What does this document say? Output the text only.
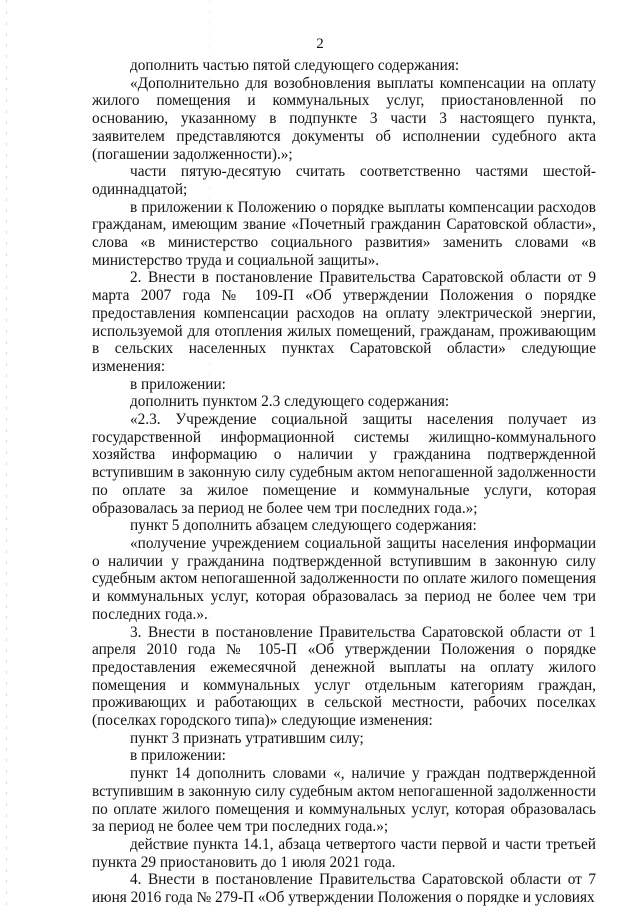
2

дополнить частью пятой следующего содержания:

«Дополнительно для возобновления выплаты компенсации на оплату жилого помещения и коммунальных услуг, приостановленной по основанию, указанному в подпункте 3 части 3 настоящего пункта, заявителем представляются документы об исполнении судебного акта (погашении задолженности).»;

части пятую-десятую считать соответственно частями шестой-одиннадцатой;

в приложении к Положению о порядке выплаты компенсации расходов гражданам, имеющим звание «Почетный гражданин Саратовской области», слова «в министерство социального развития» заменить словами «в министерство труда и социальной защиты».

2. Внести в постановление Правительства Саратовской области от 9 марта 2007 года № 109-П «Об утверждении Положения о порядке предоставления компенсации расходов на оплату электрической энергии, используемой для отопления жилых помещений, гражданам, проживающим в сельских населенных пунктах Саратовской области» следующие изменения:

в приложении:

дополнить пунктом 2.3 следующего содержания:

«2.3. Учреждение социальной защиты населения получает из государственной информационной системы жилищно-коммунального хозяйства информацию о наличии у гражданина подтвержденной вступившим в законную силу судебным актом непогашенной задолженности по оплате за жилое помещение и коммунальные услуги, которая образовалась за период не более чем три последних года.»;

пункт 5 дополнить абзацем следующего содержания:

«получение учреждением социальной защиты населения информации о наличии у гражданина подтвержденной вступившим в законную силу судебным актом непогашенной задолженности по оплате жилого помещения и коммунальных услуг, которая образовалась за период не более чем три последних года.».

3. Внести в постановление Правительства Саратовской области от 1 апреля 2010 года № 105-П «Об утверждении Положения о порядке предоставления ежемесячной денежной выплаты на оплату жилого помещения и коммунальных услуг отдельным категориям граждан, проживающих и работающих в сельской местности, рабочих поселках (поселках городского типа)» следующие изменения:

пункт 3 признать утратившим силу;

в приложении:

пункт 14 дополнить словами «, наличие у граждан подтвержденной вступившим в законную силу судебным актом непогашенной задолженности по оплате жилого помещения и коммунальных услуг, которая образовалась за период не более чем три последних года.»;

действие пункта 14.1, абзаца четвертого части первой и части третьей пункта 29 приостановить до 1 июля 2021 года.

4. Внести в постановление Правительства Саратовской области от 7 июня 2016 года № 279-П «Об утверждении Положения о порядке и условиях
